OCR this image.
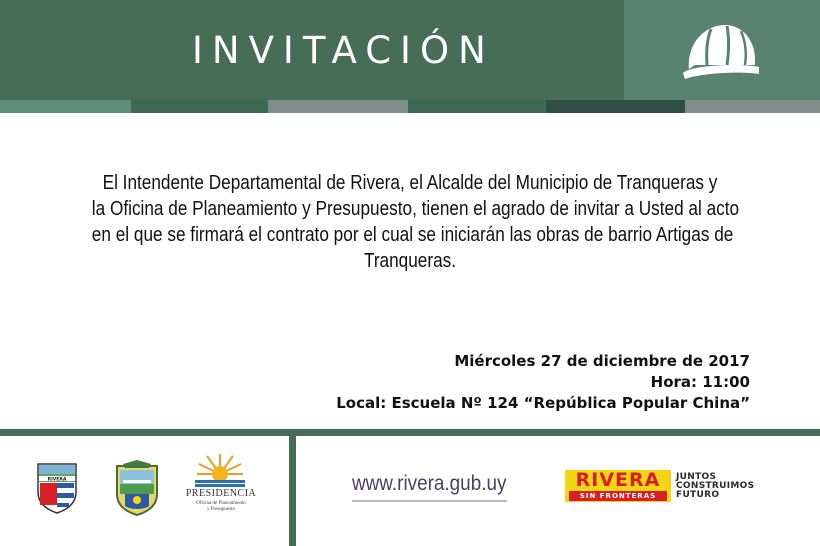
INVITACIÓN
El Intendente Departamental de Rivera, el Alcalde del Municipio de Tranqueras y
la Oficina de Planeamiento y Presupuesto, tienen el agrado de invitar a Usted al acto
en el que se firmará el contrato por el cual se iniciarán las obras de barrio Artigas de
Tranqueras.
Miércoles 27 de diciembre de 2017
Hora: 11:00
Local: Escuela Nº 124 “República Popular China”
RIVERA
PRESIDENCIA
Oficina de Planeamiento
y Presupuesto
www.rivera.gub.uy	RIVERA
SIN FRONTERAS
JUNTOS
CONSTRUIMOS
FUTURO
